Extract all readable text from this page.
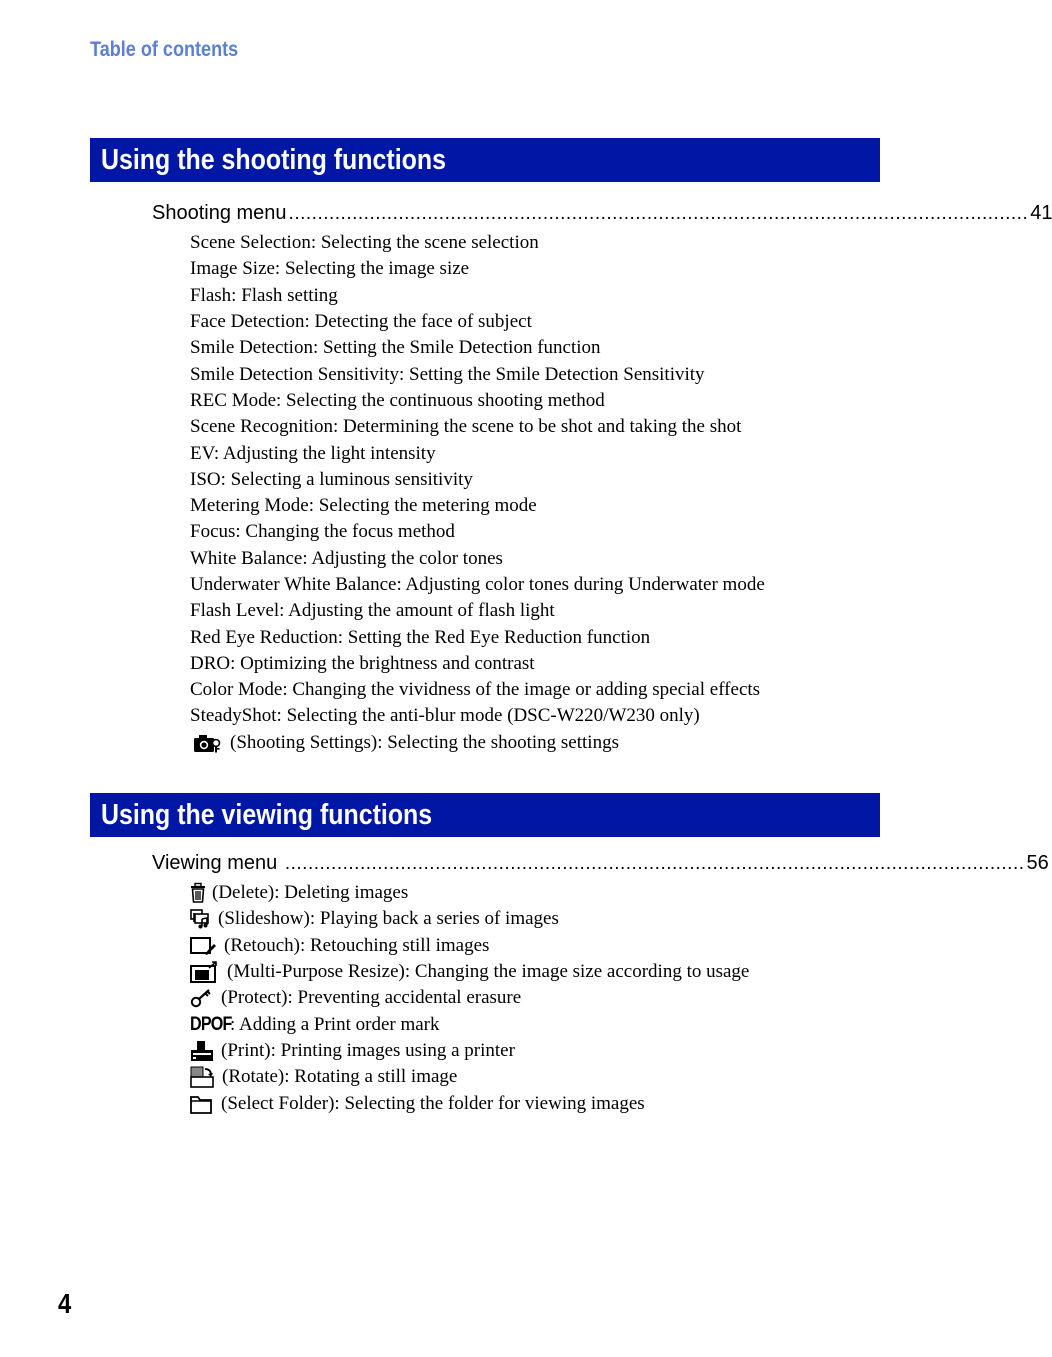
Table of contents
Using the shooting functions
Shooting menu ................................................................................................................................ 41
Scene Selection: Selecting the scene selection
Image Size: Selecting the image size
Flash: Flash setting
Face Detection: Detecting the face of subject
Smile Detection: Setting the Smile Detection function
Smile Detection Sensitivity: Setting the Smile Detection Sensitivity
REC Mode: Selecting the continuous shooting method
Scene Recognition: Determining the scene to be shot and taking the shot
EV: Adjusting the light intensity
ISO: Selecting a luminous sensitivity
Metering Mode: Selecting the metering mode
Focus: Changing the focus method
White Balance: Adjusting the color tones
Underwater White Balance: Adjusting color tones during Underwater mode
Flash Level: Adjusting the amount of flash light
Red Eye Reduction: Setting the Red Eye Reduction function
DRO: Optimizing the brightness and contrast
Color Mode: Changing the vividness of the image or adding special effects
SteadyShot: Selecting the anti-blur mode (DSC-W220/W230 only)
(Shooting Settings): Selecting the shooting settings
Using the viewing functions
Viewing menu ................................................................................................................................ 56
(Delete): Deleting images
(Slideshow): Playing back a series of images
(Retouch): Retouching still images
(Multi-Purpose Resize): Changing the image size according to usage
(Protect): Preventing accidental erasure
DPOF
: Adding a Print order mark
(Print): Printing images using a printer
(Rotate): Rotating a still image
(Select Folder): Selecting the folder for viewing images
4
